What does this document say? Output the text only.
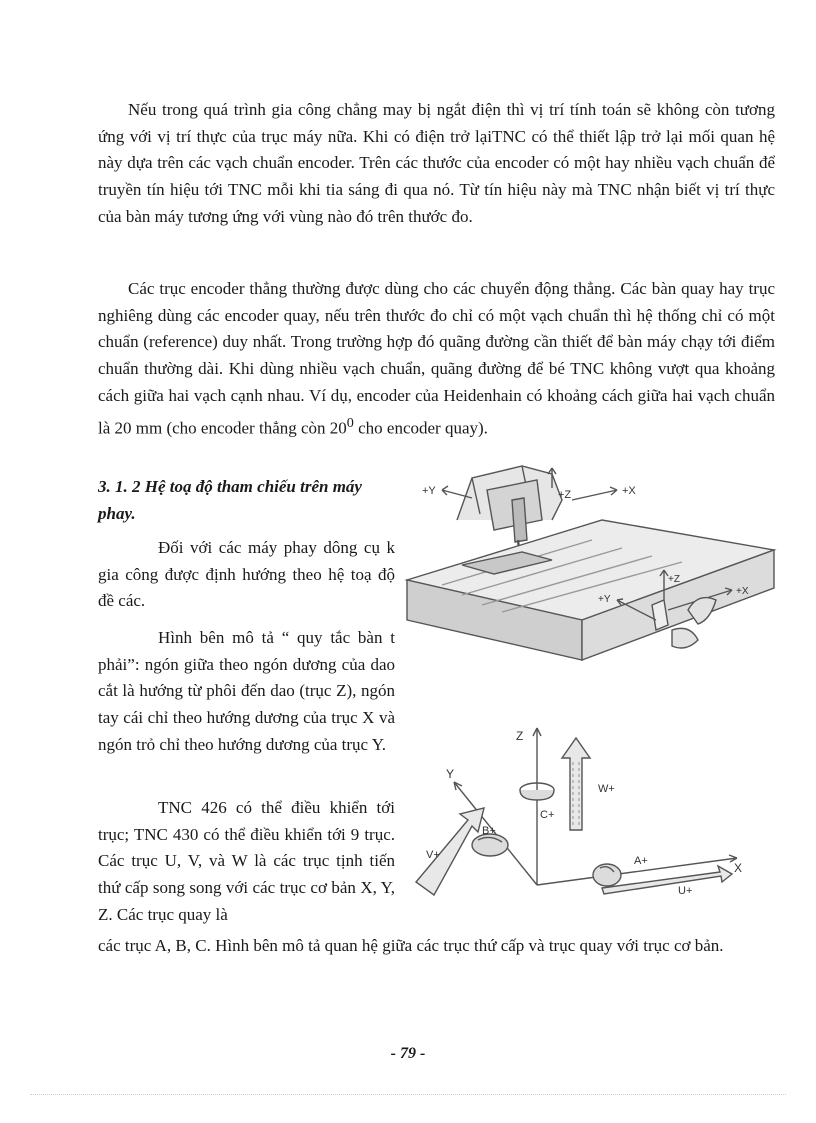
Nếu trong quá trình gia công chẳng may bị ngắt điện thì vị trí tính toán sẽ không còn tương ứng với vị trí thực của trục máy nữa. Khi có điện trở lạiTNC có thể thiết lập trở lại mối quan hệ này dựa trên các vạch chuẩn encoder. Trên các thước của encoder có một hay nhiều vạch chuẩn để truyền tín hiệu tới TNC mỗi khi tia sáng đi qua nó. Từ tín hiệu này mà TNC nhận biết vị trí thực của bàn máy tương ứng với vùng nào đó trên thước đo.

Các trục encoder thẳng thường được dùng cho các chuyển động thẳng. Các bàn quay hay trục nghiêng dùng các encoder quay, nếu trên thước đo chỉ có một vạch chuẩn thì hệ thống chỉ có một chuẩn (reference) duy nhất. Trong trường hợp đó quãng đường cần thiết để bàn máy chạy tới điểm chuẩn thường dài. Khi dùng nhiều vạch chuẩn, quãng đường để bé TNC không vượt qua khoảng cách giữa hai vạch cạnh nhau. Ví dụ, encoder của Heidenhain có khoảng cách giữa hai vạch chuẩn là 20 mm (cho encoder thẳng còn $20^0$ cho encoder quay).

3. 1. 2 Hệ toạ độ tham chiếu trên máy phay.

Đối với các máy phay dông cụ k gia công được định hướng theo hệ toạ độ đề các.

Hình bên mô tả “ quy tắc bàn t phải”: ngón giữa theo ngón dương của dao cắt là hướng từ phôi đến dao (trục Z), ngón tay cái chỉ theo hướng dương của trục X và ngón trỏ chỉ theo hướng dương của trục Y.

TNC 426 có thể điều khiển tới trục; TNC 430 có thể điều khiển tới 9 trục. Các trục U, V, và W là các trục tịnh tiến thứ cấp song song với các trục cơ bản X, Y, Z. Các trục quay là

các trục A, B, C. Hình bên mô tả quan hệ giữa các trục thứ cấp và trục quay với trục cơ bản.

+Y	+Z	+X
+Z
+Y
+X
Z
Y
X
W+
C+
B+
V+	A+
U+
- 79 -
